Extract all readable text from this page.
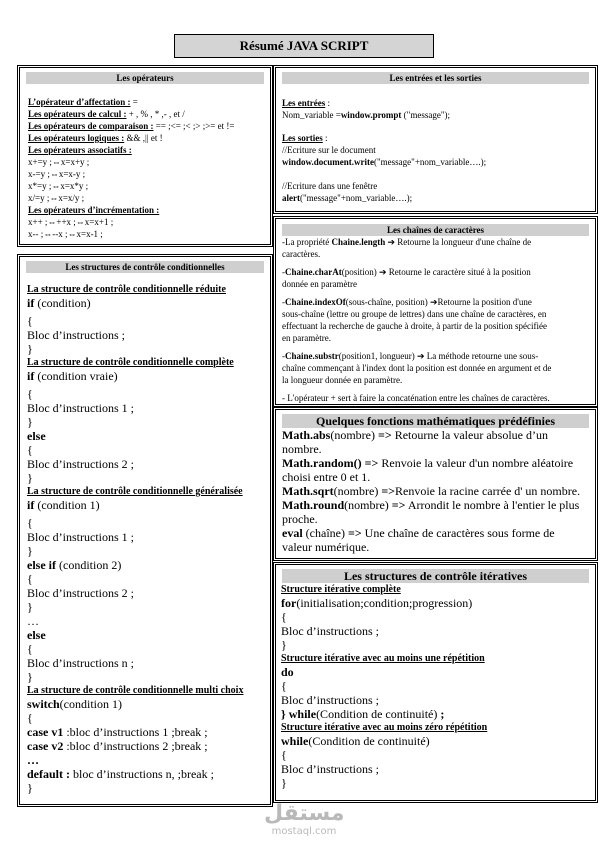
Résumé JAVA SCRIPT
Les opérateurs
L’opérateur d’affectation : =
Les opérateurs de calcul : + , % , * ,- , et /
Les opérateurs de comparaison : == ;<= ;< ;> ;>= et !=
Les opérateurs logiques : && ,|| et !
Les opérateurs associatifs :
x+=y ;⇔x=x+y ;
x-=y ;⇔x=x-y ;
x*=y ;⇔x=x*y ;
x/=y ;⇔x=x/y ;
Les opérateurs d’incrémentation :
x++ ;⇔++x ;⇔x=x+1 ;
x-- ;⇔--x ;⇔x=x-1 ;
Les entrées et les sorties
Les entrées :
Nom_variable =window.prompt ("message");
Les sorties :
//Ecriture sur le document
window.document.write("message"+nom_variable….);
//Ecriture dans une fenêtre
alert("message"+nom_variable….);
Les chaînes de caractères
-La propriété Chaine.length ➔ Retourne la longueur d'une chaîne de
caractères.
-Chaine.charAt(position) ➔ Retourne le caractère situé à la position
donnée en paramètre
-Chaine.indexOf(sous-chaîne, position) ➔Retourne la position d'une
sous-chaîne (lettre ou groupe de lettres) dans une chaîne de caractères, en
effectuant la recherche de gauche à droite, à partir de la position spécifiée
en paramètre.
-Chaine.substr(position1, longueur) ➔ La méthode retourne une sous-
chaîne commençant à l'index dont la position est donnée en argument et de
la longueur donnée en paramètre.
- L'opérateur + sert à faire la concaténation entre les chaînes de caractères.
Quelques fonctions mathématiques prédéfinies
Math.abs(nombre) => Retourne la valeur absolue d’un
nombre.
Math.random() => Renvoie la valeur d'un nombre aléatoire
choisi entre 0 et 1.
Math.sqrt(nombre) =>Renvoie la racine carrée d' un nombre.
Math.round(nombre) => Arrondit le nombre à l'entier le plus
proche.
eval (chaîne) => Une chaîne de caractères sous forme de
valeur numérique.
Les structures de contrôle conditionnelles
La structure de contrôle conditionnelle réduite
if (condition)
{
Bloc d’instructions ;
}
La structure de contrôle conditionnelle complète
if (condition vraie)
{
Bloc d’instructions 1 ;
}
else
{
Bloc d’instructions 2 ;
}
La structure de contrôle conditionnelle généralisée
if (condition 1)
{
Bloc d’instructions 1 ;
}
else if (condition 2)
{
Bloc d’instructions 2 ;
}
…
else
{
Bloc d’instructions n ;
}
La structure de contrôle conditionnelle multi choix
switch(condition 1)
{
case v1 :bloc d’instructions 1 ;break ;
case v2 :bloc d’instructions 2 ;break ;
…
default : bloc d’instructions n, ;break ;
}
Les structures de contrôle itératives
Structure itérative complète
for(initialisation;condition;progression)
{
Bloc d’instructions ;
}
Structure itérative avec au moins une répétition
do
{
Bloc d’instructions ;
} while(Condition de continuité) ;
Structure itérative avec au moins zéro répétition
while(Condition de continuité)
{
Bloc d’instructions ;
}
مستقل
mostaql.com
